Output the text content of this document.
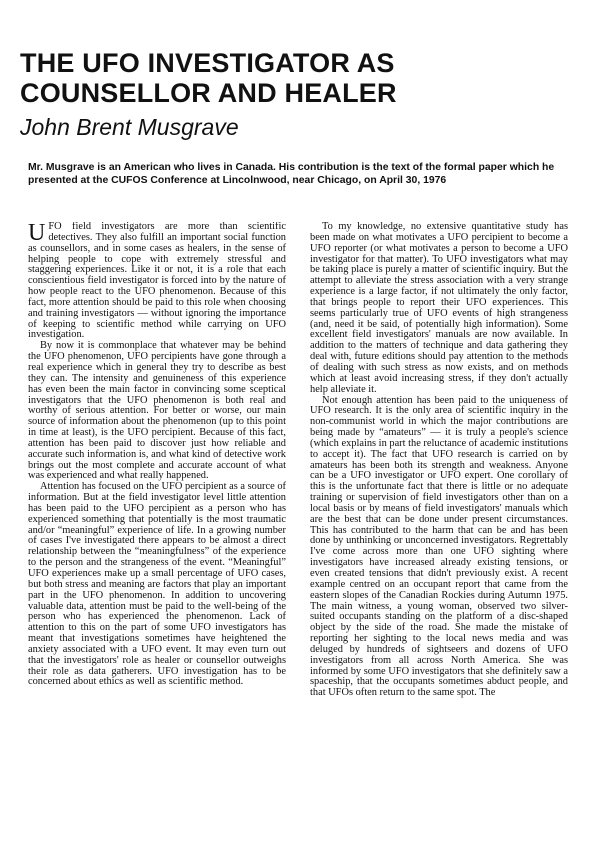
THE UFO INVESTIGATOR AS COUNSELLOR AND HEALER
John Brent Musgrave

Mr. Musgrave is an American who lives in Canada. His contribution is the text of the formal paper which he presented at the CUFOS Conference at Lincolnwood, near Chicago, on April 30, 1976

UFO field investigators are more than scientific detectives. They also fulfill an important social function as counsellors, and in some cases as healers, in the sense of helping people to cope with extremely stressful and staggering experiences. Like it or not, it is a role that each conscientious field investigator is forced into by the nature of how people react to the UFO phenomenon. Because of this fact, more attention should be paid to this role when choosing and training investigators — without ignoring the importance of keeping to scientific method while carrying on UFO investigation.

By now it is commonplace that whatever may be behind the UFO phenomenon, UFO percipients have gone through a real experience which in general they try to describe as best they can. The intensity and genuineness of this experience has even been the main factor in convincing some sceptical investigators that the UFO phenomenon is both real and worthy of serious attention. For better or worse, our main source of information about the phenomenon (up to this point in time at least), is the UFO percipient. Because of this fact, attention has been paid to discover just how reliable and accurate such information is, and what kind of detective work brings out the most complete and accurate account of what was experienced and what really happened.

Attention has focused on the UFO percipient as a source of information. But at the field investigator level little attention has been paid to the UFO percipient as a person who has experienced something that potentially is the most traumatic and/or “meaningful” experience of life. In a growing number of cases I've investigated there appears to be almost a direct relationship between the “meaningfulness” of the experience to the person and the strangeness of the event. “Meaningful” UFO experiences make up a small percentage of UFO cases, but both stress and meaning are factors that play an important part in the UFO phenomenon. In addition to uncovering valuable data, attention must be paid to the well-being of the person who has experienced the phenomenon. Lack of attention to this on the part of some UFO investigators has meant that investigations sometimes have heightened the anxiety associated with a UFO event. It may even turn out that the investigators' role as healer or counsellor outweighs their role as data gatherers. UFO investigation has to be concerned about ethics as well as scientific method.

To my knowledge, no extensive quantitative study has been made on what motivates a UFO percipient to become a UFO reporter (or what motivates a person to become a UFO investigator for that matter). To UFO investigators what may be taking place is purely a matter of scientific inquiry. But the attempt to alleviate the stress association with a very strange experience is a large factor, if not ultimately the only factor, that brings people to report their UFO experiences. This seems particularly true of UFO events of high strangeness (and, need it be said, of potentially high information). Some excellent field investigators' manuals are now available. In addition to the matters of technique and data gathering they deal with, future editions should pay attention to the methods of dealing with such stress as now exists, and on methods which at least avoid increasing stress, if they don't actually help alleviate it.

Not enough attention has been paid to the uniqueness of UFO research. It is the only area of scientific inquiry in the non-communist world in which the major contributions are being made by “amateurs” — it is truly a people's science (which explains in part the reluctance of academic institutions to accept it). The fact that UFO research is carried on by amateurs has been both its strength and weakness. Anyone can be a UFO investigator or UFO expert. One corollary of this is the unfortunate fact that there is little or no adequate training or supervision of field investigators other than on a local basis or by means of field investigators' manuals which are the best that can be done under present circumstances. This has contributed to the harm that can be and has been done by unthinking or unconcerned investigators. Regrettably I've come across more than one UFO sighting where investigators have increased already existing tensions, or even created tensions that didn't previously exist. A recent example centred on an occupant report that came from the eastern slopes of the Canadian Rockies during Autumn 1975. The main witness, a young woman, observed two silver-suited occupants standing on the platform of a disc-shaped object by the side of the road. She made the mistake of reporting her sighting to the local news media and was deluged by hundreds of sightseers and dozens of UFO investigators from all across North America. She was informed by some UFO investigators that she definitely saw a spaceship, that the occupants sometimes abduct people, and that UFOs often return to the same spot. The
